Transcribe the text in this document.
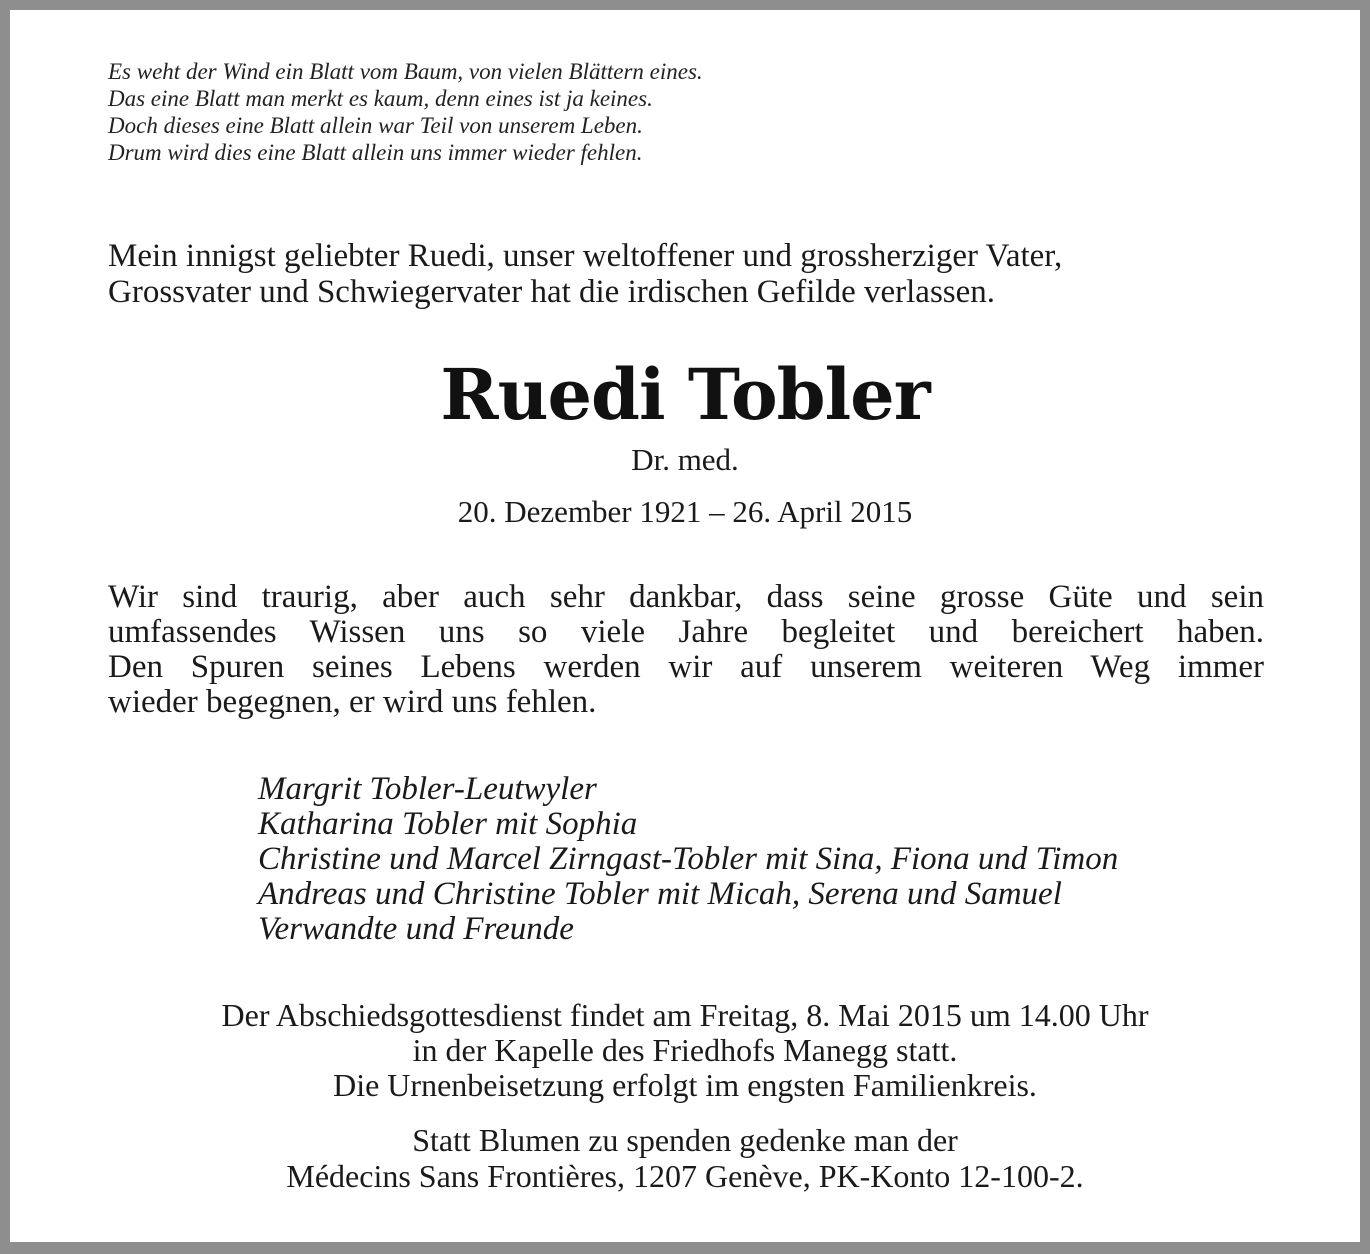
Es weht der Wind ein Blatt vom Baum, von vielen Blättern eines.
Das eine Blatt man merkt es kaum, denn eines ist ja keines.
Doch dieses eine Blatt allein war Teil von unserem Leben.
Drum wird dies eine Blatt allein uns immer wieder fehlen.
Mein innigst geliebter Ruedi, unser weltoffener und grossherziger Vater,
Grossvater und Schwiegervater hat die irdischen Gefilde verlassen.
Ruedi Tobler
Dr. med.
20. Dezember 1921 – 26. April 2015
Wir sind traurig, aber auch sehr dankbar, dass seine grosse Güte und sein
umfassendes Wissen uns so viele Jahre begleitet und bereichert haben.
Den Spuren seines Lebens werden wir auf unserem weiteren Weg immer
wieder begegnen, er wird uns fehlen.
Margrit Tobler-Leutwyler
Katharina Tobler mit Sophia
Christine und Marcel Zirngast-Tobler mit Sina, Fiona und Timon
Andreas und Christine Tobler mit Micah, Serena und Samuel
Verwandte und Freunde
Der Abschiedsgottesdienst findet am Freitag, 8. Mai 2015 um 14.00 Uhr
in der Kapelle des Friedhofs Manegg statt.
Die Urnenbeisetzung erfolgt im engsten Familienkreis.
Statt Blumen zu spenden gedenke man der
Médecins Sans Frontières, 1207 Genève, PK-Konto 12-100-2.
